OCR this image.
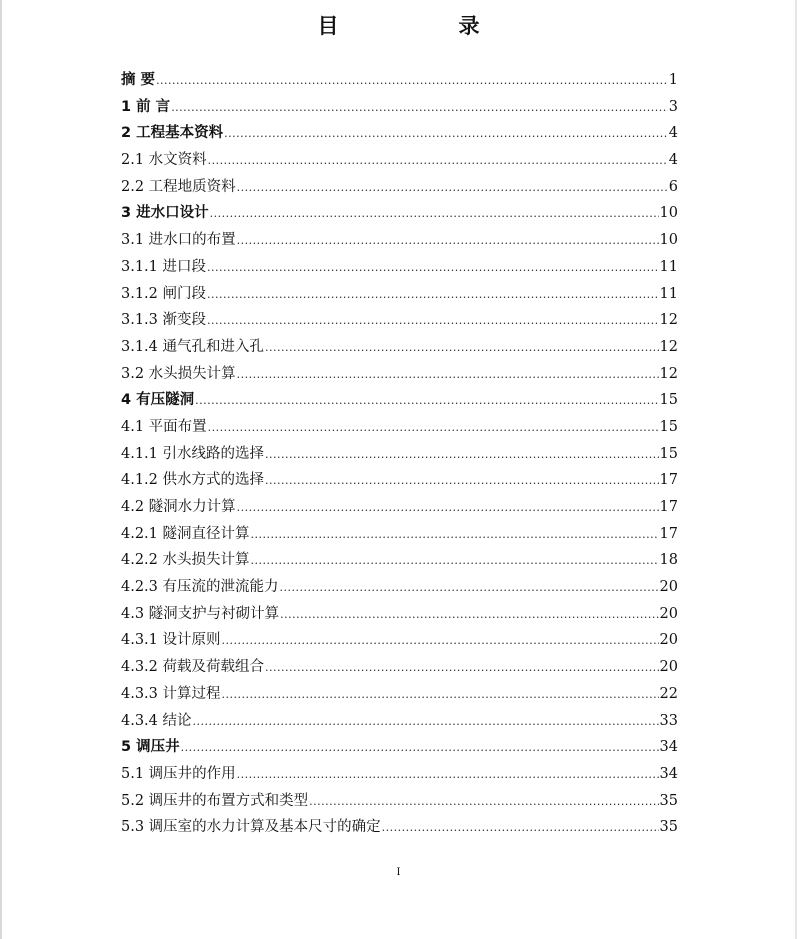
目　　录
摘 要 .....	1
1 前 言 .....	3
2 工程基本资料 .....	4
2.1 水文资料 .....	4
2.2 工程地质资料 .....	6
3 进水口设计 .....	10
3.1 进水口的布置 .....	10
3.1.1 进口段 .....	11
3.1.2 闸门段 .....	11
3.1.3 渐变段 .....	12
3.1.4 通气孔和进入孔 .....	12
3.2 水头损失计算 .....	12
4 有压隧洞 .....	15
4.1 平面布置 .....	15
4.1.1 引水线路的选择 .....	15
4.1.2 供水方式的选择 .....	17
4.2 隧洞水力计算 .....	17
4.2.1 隧洞直径计算 .....	17
4.2.2 水头损失计算 .....	18
4.2.3 有压流的泄流能力 .....	20
4.3 隧洞支护与衬砌计算 .....	20
4.3.1 设计原则 .....	20
4.3.2 荷载及荷载组合 .....	20
4.3.3 计算过程 .....	22
4.3.4 结论 .....	33
5 调压井 .....	34
5.1 调压井的作用 .....	34
5.2 调压井的布置方式和类型 .....	35
5.3 调压室的水力计算及基本尺寸的确定 .....	35
I
